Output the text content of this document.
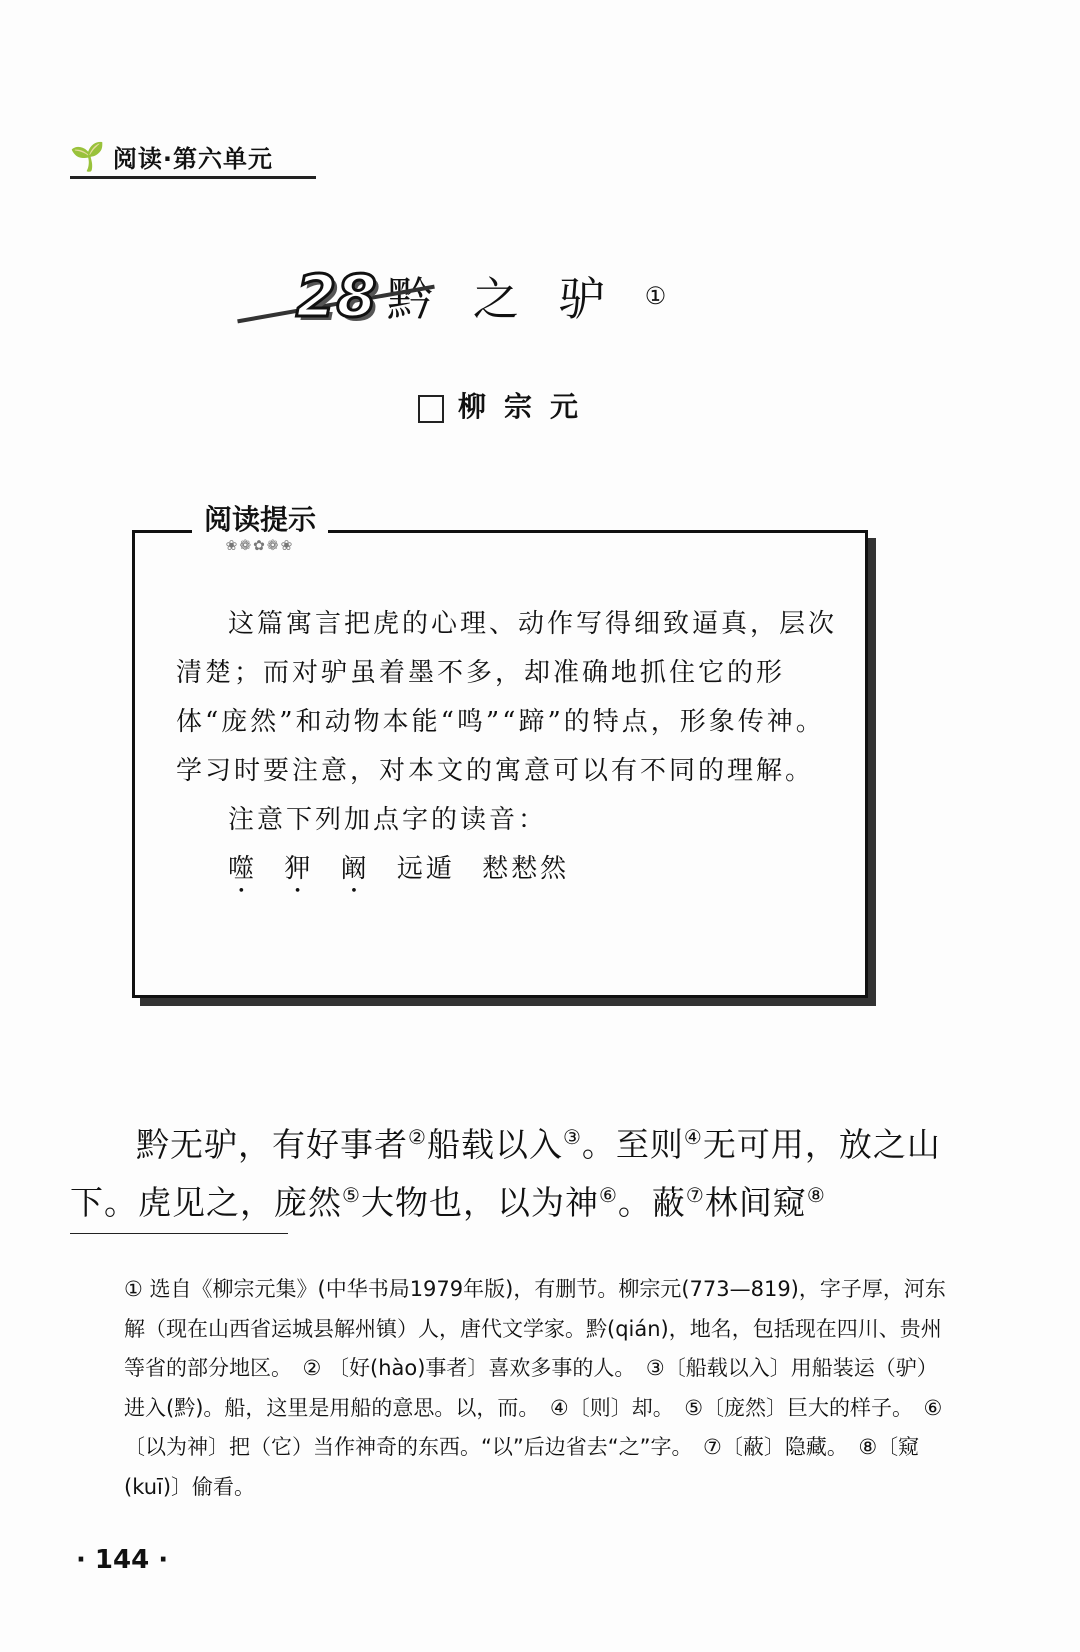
🌱 阅读·第六单元
28 黔之驴 ①
柳宗元
阅读提示
❀❁✿❁❀

这篇寓言把虎的心理、动作写得细致逼真，层次清楚；而对驴虽着墨不多，却准确地抓住它的形体“庞然”和动物本能“鸣”“蹄”的特点，形象传神。学习时要注意，对本文的寓意可以有不同的理解。

注意下列加点字的读音：

噬 狎 阚 远遁 慭慭然

黔无驴，有好事者②船载以入③。至则④无可用，放之山下。虎见之，庞然⑤大物也，以为神⑥。蔽⑦林间窥⑧

① 选自《柳宗元集》(中华书局1979年版)，有删节。柳宗元(773—819)，字子厚，河东解（现在山西省运城县解州镇）人，唐代文学家。黔(qián)，地名，包括现在四川、贵州等省的部分地区。　② 〔好(hào)事者〕喜欢多事的人。　③〔船载以入〕用船装运（驴）进入(黔)。船，这里是用船的意思。以，而。　④〔则〕却。　⑤〔庞然〕巨大的样子。　⑥〔以为神〕把（它）当作神奇的东西。“以”后边省去“之”字。　⑦〔蔽〕隐藏。　⑧〔窥(kuī)〕偷看。

· 144 ·
